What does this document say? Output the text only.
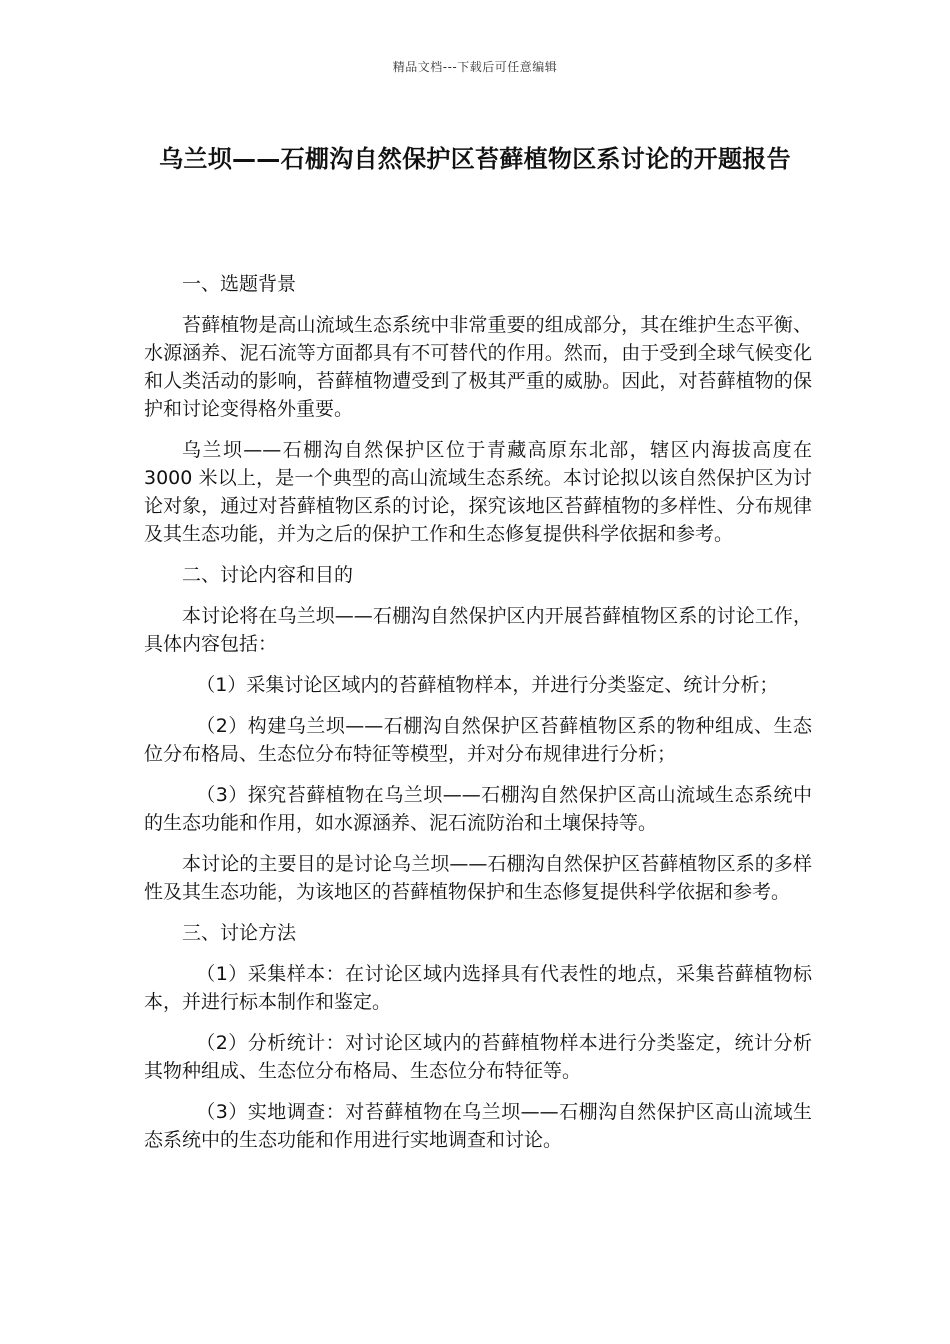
精品文档---下载后可任意编辑
乌兰坝——石棚沟自然保护区苔藓植物区系讨论的开题报告

一、选题背景

苔藓植物是高山流域生态系统中非常重要的组成部分，其在维护生态平衡、水源涵养、泥石流等方面都具有不可替代的作用。然而，由于受到全球气候变化和人类活动的影响，苔藓植物遭受到了极其严重的威胁。因此，对苔藓植物的保护和讨论变得格外重要。

乌兰坝——石棚沟自然保护区位于青藏高原东北部，辖区内海拔高度在 3000 米以上，是一个典型的高山流域生态系统。本讨论拟以该自然保护区为讨论对象，通过对苔藓植物区系的讨论，探究该地区苔藓植物的多样性、分布规律及其生态功能，并为之后的保护工作和生态修复提供科学依据和参考。

二、讨论内容和目的

本讨论将在乌兰坝——石棚沟自然保护区内开展苔藓植物区系的讨论工作，具体内容包括：

（1）采集讨论区域内的苔藓植物样本，并进行分类鉴定、统计分析；

（2）构建乌兰坝——石棚沟自然保护区苔藓植物区系的物种组成、生态位分布格局、生态位分布特征等模型，并对分布规律进行分析；

（3）探究苔藓植物在乌兰坝——石棚沟自然保护区高山流域生态系统中的生态功能和作用，如水源涵养、泥石流防治和土壤保持等。

本讨论的主要目的是讨论乌兰坝——石棚沟自然保护区苔藓植物区系的多样性及其生态功能，为该地区的苔藓植物保护和生态修复提供科学依据和参考。

三、讨论方法

（1）采集样本：在讨论区域内选择具有代表性的地点，采集苔藓植物标本，并进行标本制作和鉴定。

（2）分析统计：对讨论区域内的苔藓植物样本进行分类鉴定，统计分析其物种组成、生态位分布格局、生态位分布特征等。

（3）实地调查：对苔藓植物在乌兰坝——石棚沟自然保护区高山流域生态系统中的生态功能和作用进行实地调查和讨论。
